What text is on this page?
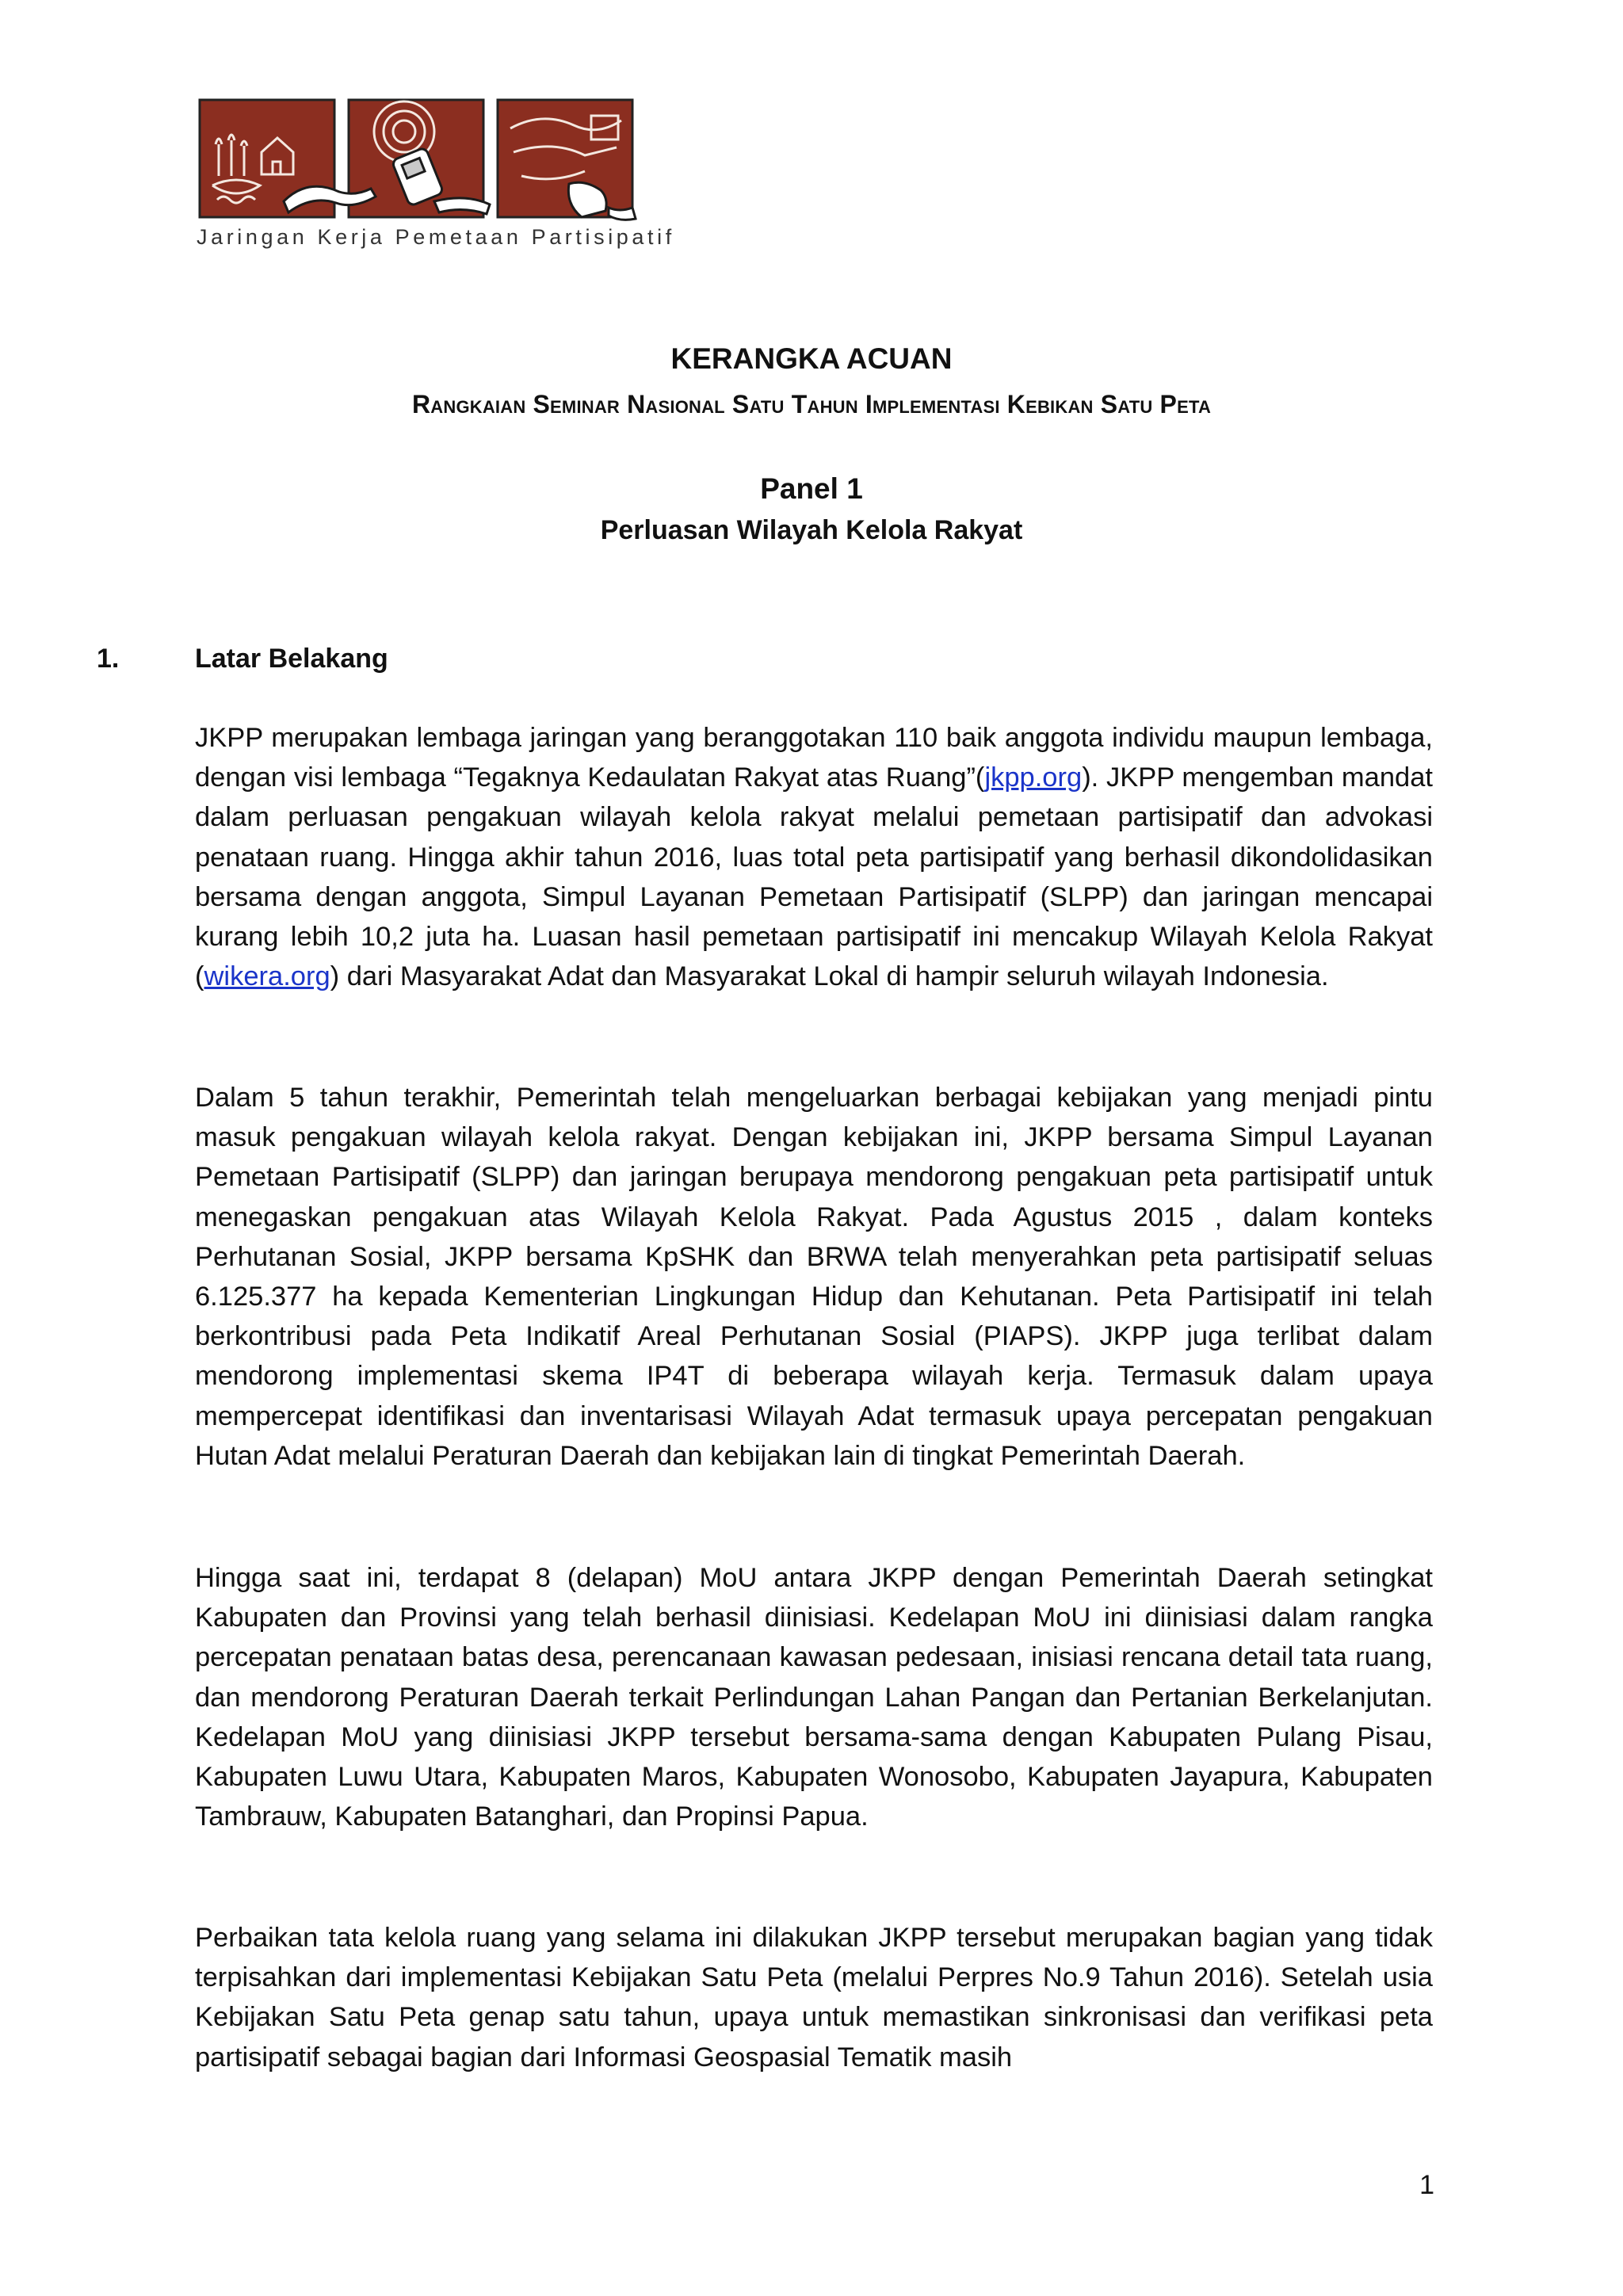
Jaringan Kerja Pemetaan Partisipatif
KERANGKA ACUAN
Rangkaian Seminar Nasional Satu Tahun Implementasi Kebikan Satu Peta
Panel 1
Perluasan Wilayah Kelola Rakyat
1.	Latar Belakang

JKPP merupakan lembaga jaringan yang beranggotakan 110 baik anggota individu maupun lembaga, dengan visi lembaga “Tegaknya Kedaulatan Rakyat atas Ruang”(jkpp.org). JKPP mengemban mandat dalam perluasan pengakuan wilayah kelola rakyat melalui pemetaan partisipatif dan advokasi penataan ruang. Hingga akhir tahun 2016, luas total peta partisipatif yang berhasil dikondolidasikan bersama dengan anggota, Simpul Layanan Pemetaan Partisipatif (SLPP) dan jaringan mencapai kurang lebih 10,2 juta ha. Luasan hasil pemetaan partisipatif ini mencakup Wilayah Kelola Rakyat (wikera.org) dari Masyarakat Adat dan Masyarakat Lokal di hampir seluruh wilayah Indonesia.

Dalam 5 tahun terakhir, Pemerintah telah mengeluarkan berbagai kebijakan yang menjadi pintu masuk pengakuan wilayah kelola rakyat. Dengan kebijakan ini, JKPP bersama Simpul Layanan Pemetaan Partisipatif (SLPP) dan jaringan berupaya mendorong pengakuan peta partisipatif untuk menegaskan pengakuan atas Wilayah Kelola Rakyat. Pada Agustus 2015 , dalam konteks Perhutanan Sosial, JKPP bersama KpSHK dan BRWA telah menyerahkan peta partisipatif seluas 6.125.377 ha kepada Kementerian Lingkungan Hidup dan Kehutanan. Peta Partisipatif ini telah berkontribusi pada Peta Indikatif Areal Perhutanan Sosial (PIAPS). JKPP juga terlibat dalam mendorong implementasi skema IP4T di beberapa wilayah kerja. Termasuk dalam upaya mempercepat identifikasi dan inventarisasi Wilayah Adat termasuk upaya percepatan pengakuan Hutan Adat melalui Peraturan Daerah dan kebijakan lain di tingkat Pemerintah Daerah.

Hingga saat ini, terdapat 8 (delapan) MoU antara JKPP dengan Pemerintah Daerah setingkat Kabupaten dan Provinsi yang telah berhasil diinisiasi. Kedelapan MoU ini diinisiasi dalam rangka percepatan penataan batas desa, perencanaan kawasan pedesaan, inisiasi rencana detail tata ruang, dan mendorong Peraturan Daerah terkait Perlindungan Lahan Pangan dan Pertanian Berkelanjutan. Kedelapan MoU yang diinisiasi JKPP tersebut bersama-sama dengan Kabupaten Pulang Pisau, Kabupaten Luwu Utara, Kabupaten Maros, Kabupaten Wonosobo, Kabupaten Jayapura, Kabupaten Tambrauw, Kabupaten Batanghari, dan Propinsi Papua.

Perbaikan tata kelola ruang yang selama ini dilakukan JKPP tersebut merupakan bagian yang tidak terpisahkan dari implementasi Kebijakan Satu Peta (melalui Perpres No.9 Tahun 2016). Setelah usia Kebijakan Satu Peta genap satu tahun, upaya untuk memastikan sinkronisasi dan verifikasi peta partisipatif sebagai bagian dari Informasi Geospasial Tematik masih

1
